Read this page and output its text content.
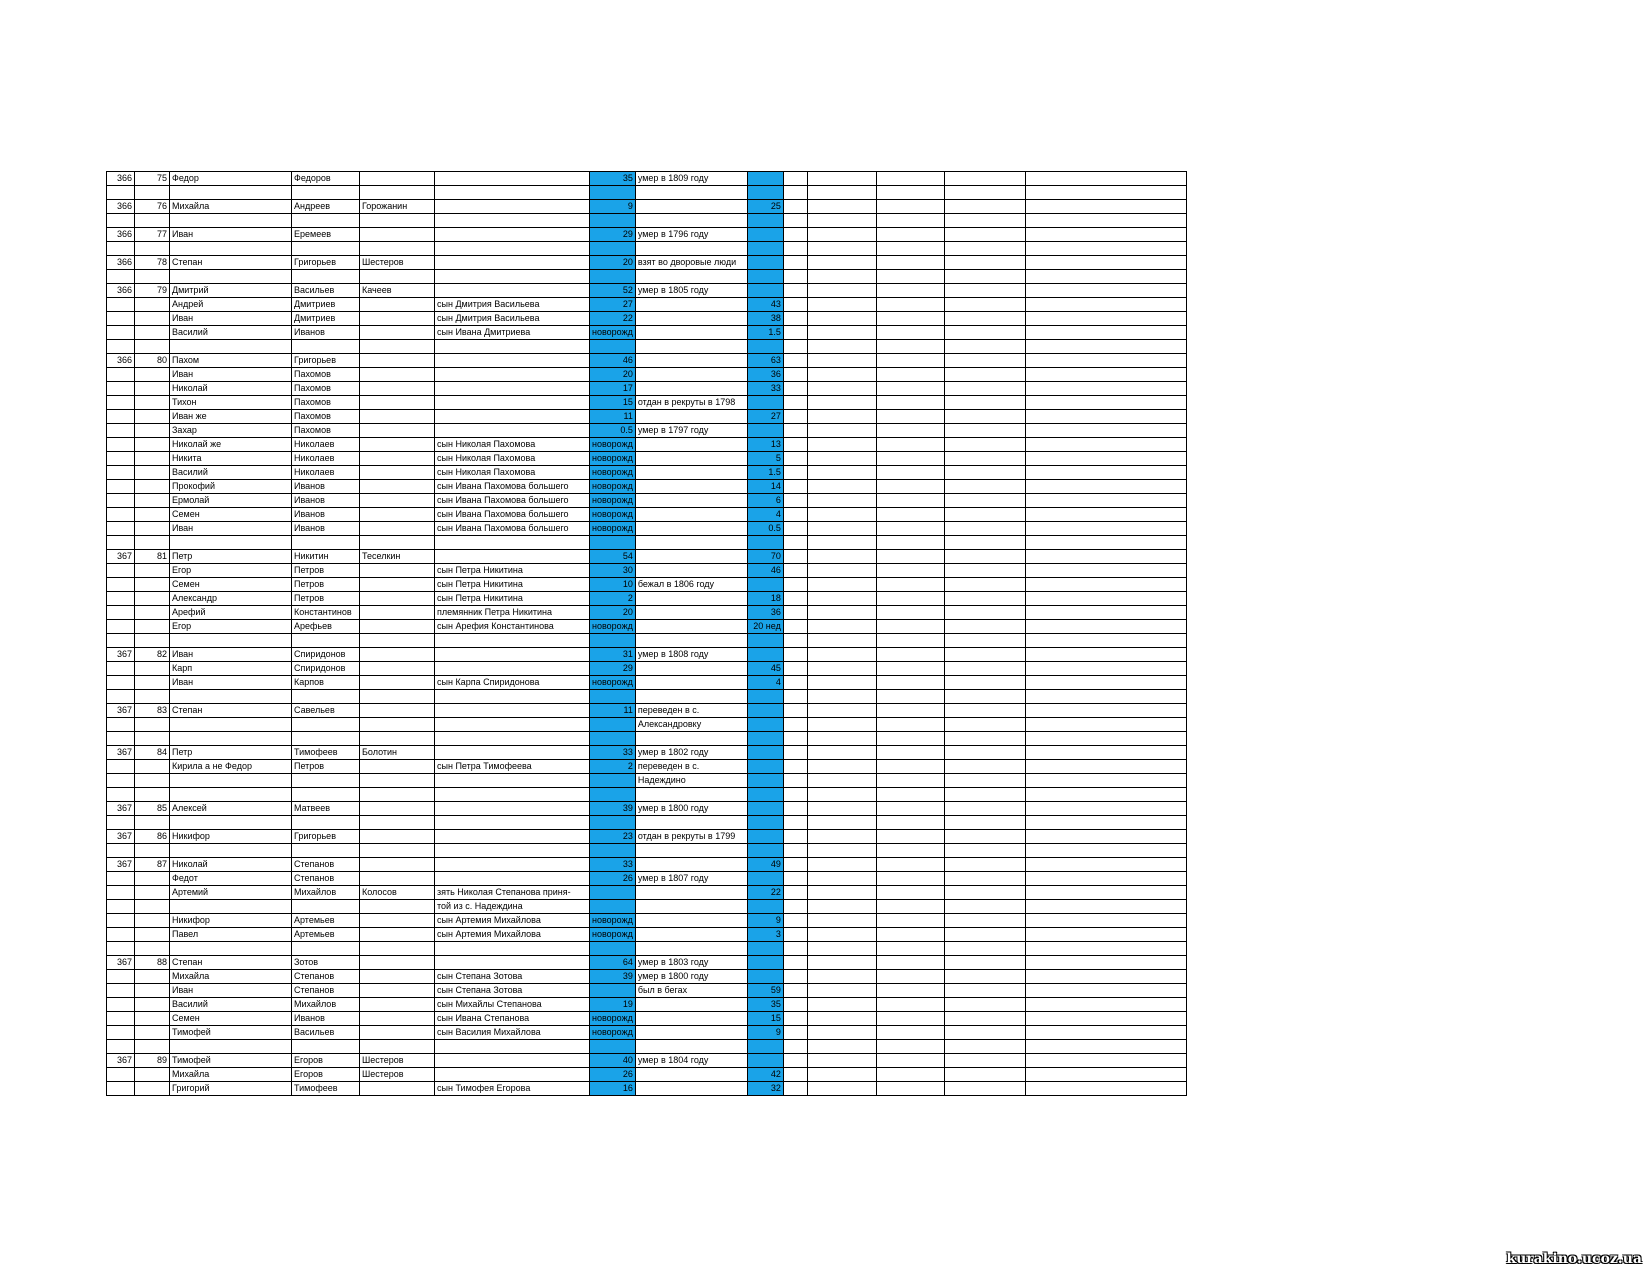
366	75	Федор	Федоров			35	умер в 1809 году						

366	76	Михайла	Андреев	Горожанин		9		25					

366	77	Иван	Еремеев			29	умер в 1796 году						

366	78	Степан	Григорьев	Шестеров		20	взят во дворовые люди						

366	79	Дмитрий	Васильев	Качеев		52	умер в 1805 году						
		Андрей	Дмитриев		сын Дмитрия Васильева	27		43					
		Иван	Дмитриев		сын Дмитрия Васильева	22		38					
		Василий	Иванов		сын Ивана Дмитриева	новорожд		1.5					

366	80	Пахом	Григорьев			46		63					
		Иван	Пахомов			20		36					
		Николай	Пахомов			17		33					
		Тихон	Пахомов			15	отдан в рекруты в 1798						
		Иван же	Пахомов			11		27					
		Захар	Пахомов			0.5	умер в 1797 году						
		Николай же	Николаев		сын Николая Пахомова	новорожд		13					
		Никита	Николаев		сын Николая Пахомова	новорожд		5					
		Василий	Николаев		сын Николая Пахомова	новорожд		1.5					
		Прокофий	Иванов		сын Ивана Пахомова большего	новорожд		14					
		Ермолай	Иванов		сын Ивана Пахомова большего	новорожд		6					
		Семен	Иванов		сын Ивана Пахомова большего	новорожд		4					
		Иван	Иванов		сын Ивана Пахомова большего	новорожд		0.5					

367	81	Петр	Никитин	Теселкин		54		70					
		Егор	Петров		сын Петра Никитина	30		46					
		Семен	Петров		сын Петра Никитина	10	бежал в 1806 году						
		Александр	Петров		сын Петра Никитина	2		18					
		Арефий	Константинов		племянник Петра Никитина	20		36					
		Егор	Арефьев		сын Арефия Константинова	новорожд		20 нед					

367	82	Иван	Спиридонов			31	умер в 1808 году						
		Карп	Спиридонов			29		45					
		Иван	Карпов		сын Карпа Спиридонова	новорожд		4					

367	83	Степан	Савельев			11	переведен в с.						
							Александровку						

367	84	Петр	Тимофеев	Болотин		33	умер в 1802 году						
		Кирила а не Федор	Петров		сын Петра Тимофеева	2	переведен в с.						
							Надеждино						

367	85	Алексей	Матвеев			39	умер в 1800 году						

367	86	Никифор	Григорьев			23	отдан в рекруты в 1799						

367	87	Николай	Степанов			33		49					
		Федот	Степанов			26	умер в 1807 году						
		Артемий	Михайлов	Колосов	зять Николая Степанова приня-			22					
					той из с. Надеждина								
		Никифор	Артемьев		сын Артемия Михайлова	новорожд		9					
		Павел	Артемьев		сын Артемия Михайлова	новорожд		3					

367	88	Степан	Зотов			64	умер в 1803 году						
		Михайла	Степанов		сын Степана Зотова	39	умер в 1800 году						
		Иван	Степанов		сын Степана Зотова		был в бегах	59					
		Василий	Михайлов		сын Михайлы Степанова	19		35					
		Семен	Иванов		сын Ивана Степанова	новорожд		15					
		Тимофей	Васильев		сын Василия Михайлова	новорожд		9					

367	89	Тимофей	Егоров	Шестеров		40	умер в 1804 году						
		Михайла	Егоров	Шестеров		26		42					
		Григорий	Тимофеев		сын Тимофея Егорова	16		32					
kurakino.ucoz.ua
